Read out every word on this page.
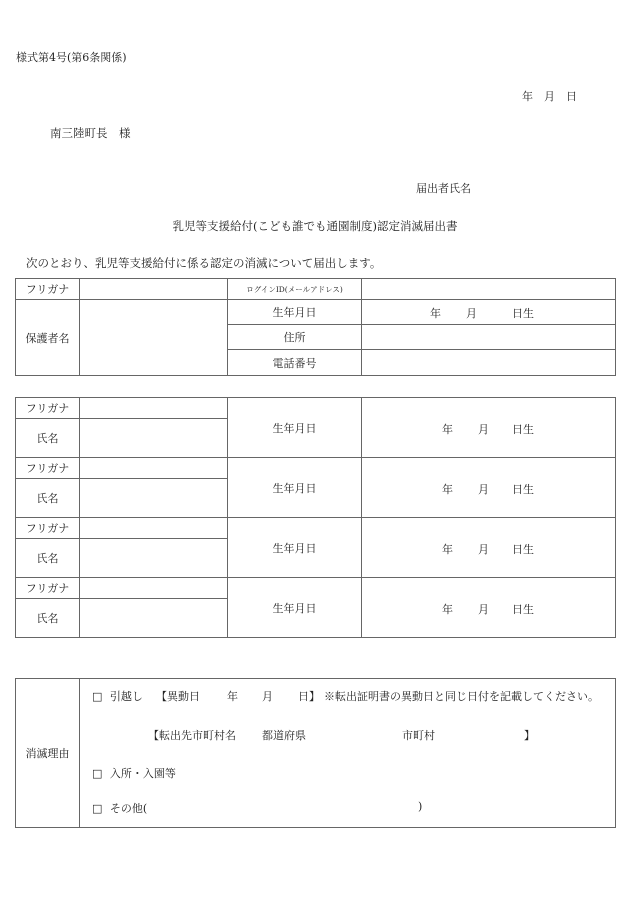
様式第4号(第6条関係)
年　月　日
南三陸町長　様
届出者氏名
乳児等支援給付(こども誰でも通園制度)認定消滅届出書
次のとおり、乳児等支援給付に係る認定の消滅について届出します。
フリガナ		ログインID(メールアドレス)	
保護者名		生年月日	年 月 日生

		住所	
		電話番号	
フリガナ		生年月日	年 月 日生

氏名			
フリガナ		生年月日	年 月 日生

氏名			
フリガナ		生年月日	年 月 日生

氏名			
フリガナ		生年月日	年 月 日生

氏名			
消滅理由	
□ 引越し 【異動日 年 月 日】 ※転出証明書の異動日と同じ日付を記載してください。
【転出先市町村名 都道府県	市町村	】
□ 入所・入園等
□ その他(	)
